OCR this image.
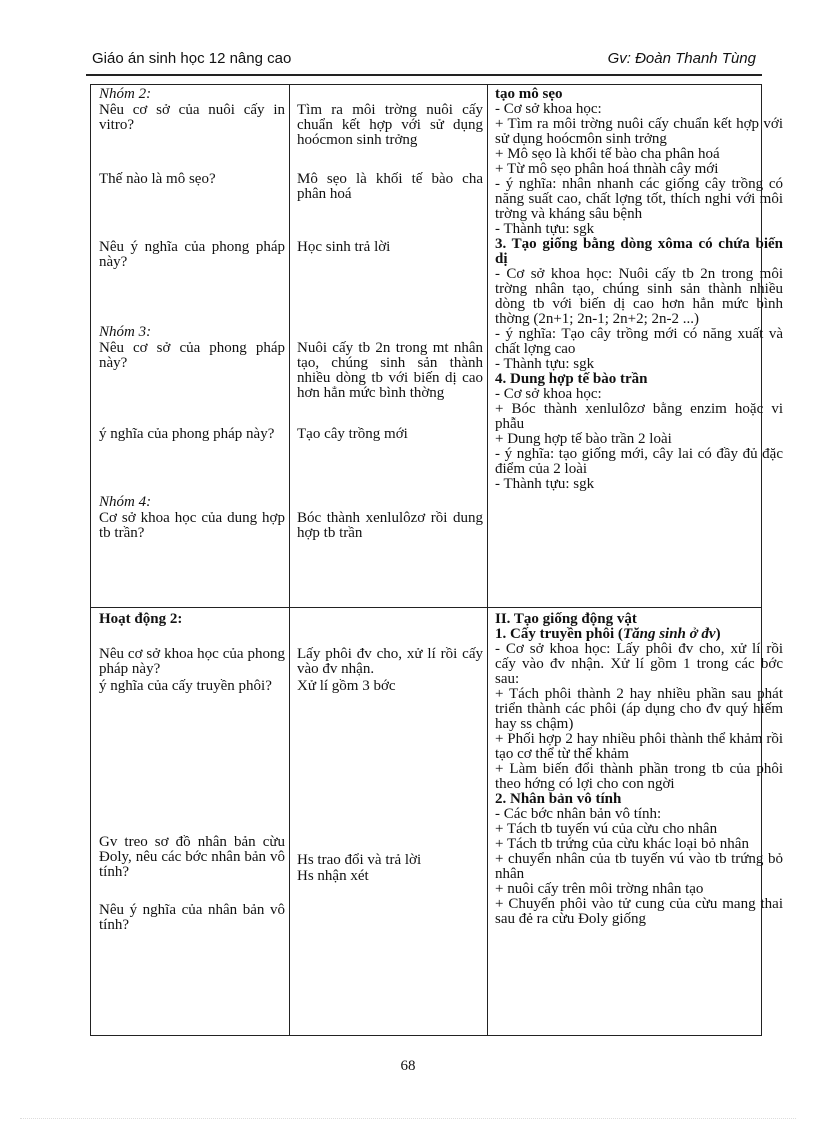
Giáo án sinh học 12 nâng cao	Gv: Đoàn Thanh Tùng
Nhóm 2:
Nêu cơ sở của nuôi cấy in vitro?
Thế nào là mô sẹo?
Nêu ý nghĩa của phong pháp này?
Nhóm 3:
Nêu cơ sở của phong pháp này?
ý nghĩa của phong pháp này?
Nhóm 4:
Cơ sở khoa học của dung hợp tb trần?
Hoạt động 2:
Nêu cơ sở khoa học của phong pháp này?
ý nghĩa của cấy truyền phôi?
Gv treo sơ đồ nhân bản cừu Đoly, nêu các bớc nhân bản vô tính?
Nêu ý nghĩa của nhân bản vô tính?
Tìm ra môi trờng nuôi cấy chuẩn kết hợp với sử dụng hoócmon sinh trởng
Mô sẹo là khối tế bào cha phân hoá
Học sinh trả lời
Nuôi cấy tb 2n trong mt nhân tạo, chúng sinh sản thành nhiều dòng tb với biến dị cao hơn hẳn mức bình thờng
Tạo cây trồng mới
Bóc thành xenlulôzơ rồi dung hợp tb trần
Lấy phôi đv cho, xử lí rồi cấy vào đv nhận.
Xử lí gồm 3 bớc
Hs trao đổi và trả lời
Hs nhận xét
tạo mô sẹo
- Cơ sở khoa học:
+ Tìm ra môi trờng nuôi cấy chuẩn kết hợp với sử dụng hoócmôn sinh trởng
+ Mô sẹo là khối tế bào cha phân hoá
+ Từ mô sẹo phân hoá thnàh cây mới
- ý nghĩa: nhân nhanh các giống cây trồng có năng suất cao, chất lợng tốt, thích nghi với môi trờng và kháng sâu bệnh
- Thành tựu: sgk
3. Tạo giống bằng dòng xôma có chứa biến dị
- Cơ sở khoa học: Nuôi cấy tb 2n trong môi trờng nhân tạo, chúng sinh sản thành nhiều dòng tb với biến dị cao hơn hẳn mức bình thờng (2n+1; 2n-1; 2n+2; 2n-2 ...)
- ý nghĩa: Tạo cây trồng mới có năng xuất và chất lợng cao
- Thành tựu: sgk
4. Dung hợp tế bào trần
- Cơ sở khoa học:
+ Bóc thành xenlulôzơ bằng enzim hoặc vi phẫu
+ Dung hợp tế bào trần 2 loài
- ý nghĩa: tạo giống mới, cây lai có đầy đủ đặc điểm của 2 loài
- Thành tựu: sgk
II. Tạo giống động vật
1. Cấy truyền phôi (Tăng sinh ở đv)
- Cơ sở khoa học: Lấy phôi đv cho, xử lí rồi cấy vào đv nhận. Xử lí gồm 1 trong các bớc sau:
+ Tách phôi thành 2 hay nhiều phần sau phát triển thành các phôi (áp dụng cho đv quý hiếm hay ss chậm)
+ Phối hợp 2 hay nhiều phôi thành thể khảm rồi tạo cơ thể từ thể khảm
+ Làm biến đổi thành phần trong tb của phôi theo hớng có lợi cho con ngời
2. Nhân bản vô tính
- Các bớc nhân bản vô tính:
+ Tách tb tuyến vú của cừu cho nhân
+ Tách tb trứng của cừu khác loại bỏ nhân
+ chuyển nhân của tb tuyến vú vào tb trứng bỏ nhân
+ nuôi cấy trên môi trờng nhân tạo
+ Chuyển phôi vào tử cung của cừu mang thai sau đẻ ra cừu Đoly giống
68
